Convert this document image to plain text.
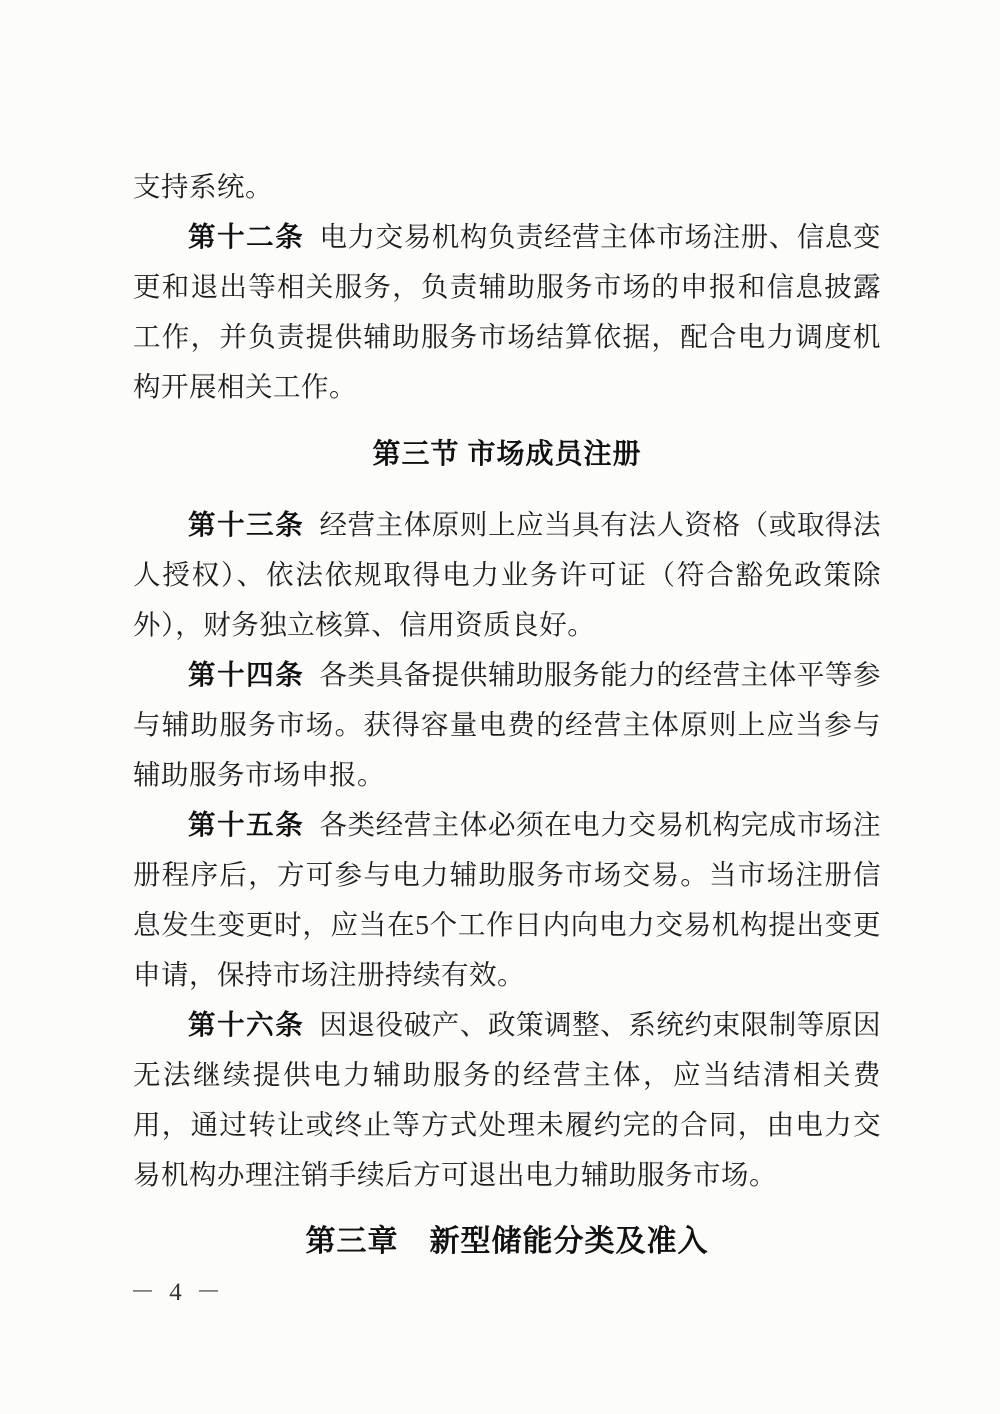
支持系统。

第十二条 电力交易机构负责经营主体市场注册、信息变更和退出等相关服务，负责辅助服务市场的申报和信息披露工作，并负责提供辅助服务市场结算依据，配合电力调度机构开展相关工作。

第三节 市场成员注册

第十三条 经营主体原则上应当具有法人资格（或取得法人授权）、依法依规取得电力业务许可证（符合豁免政策除外），财务独立核算、信用资质良好。

第十四条 各类具备提供辅助服务能力的经营主体平等参与辅助服务市场。获得容量电费的经营主体原则上应当参与辅助服务市场申报。

第十五条 各类经营主体必须在电力交易机构完成市场注册程序后，方可参与电力辅助服务市场交易。当市场注册信息发生变更时，应当在5个工作日内向电力交易机构提出变更申请，保持市场注册持续有效。

第十六条 因退役破产、政策调整、系统约束限制等原因无法继续提供电力辅助服务的经营主体，应当结清相关费用，通过转让或终止等方式处理未履约完的合同，由电力交易机构办理注销手续后方可退出电力辅助服务市场。

第三章　新型储能分类及准入
－ 4 －
